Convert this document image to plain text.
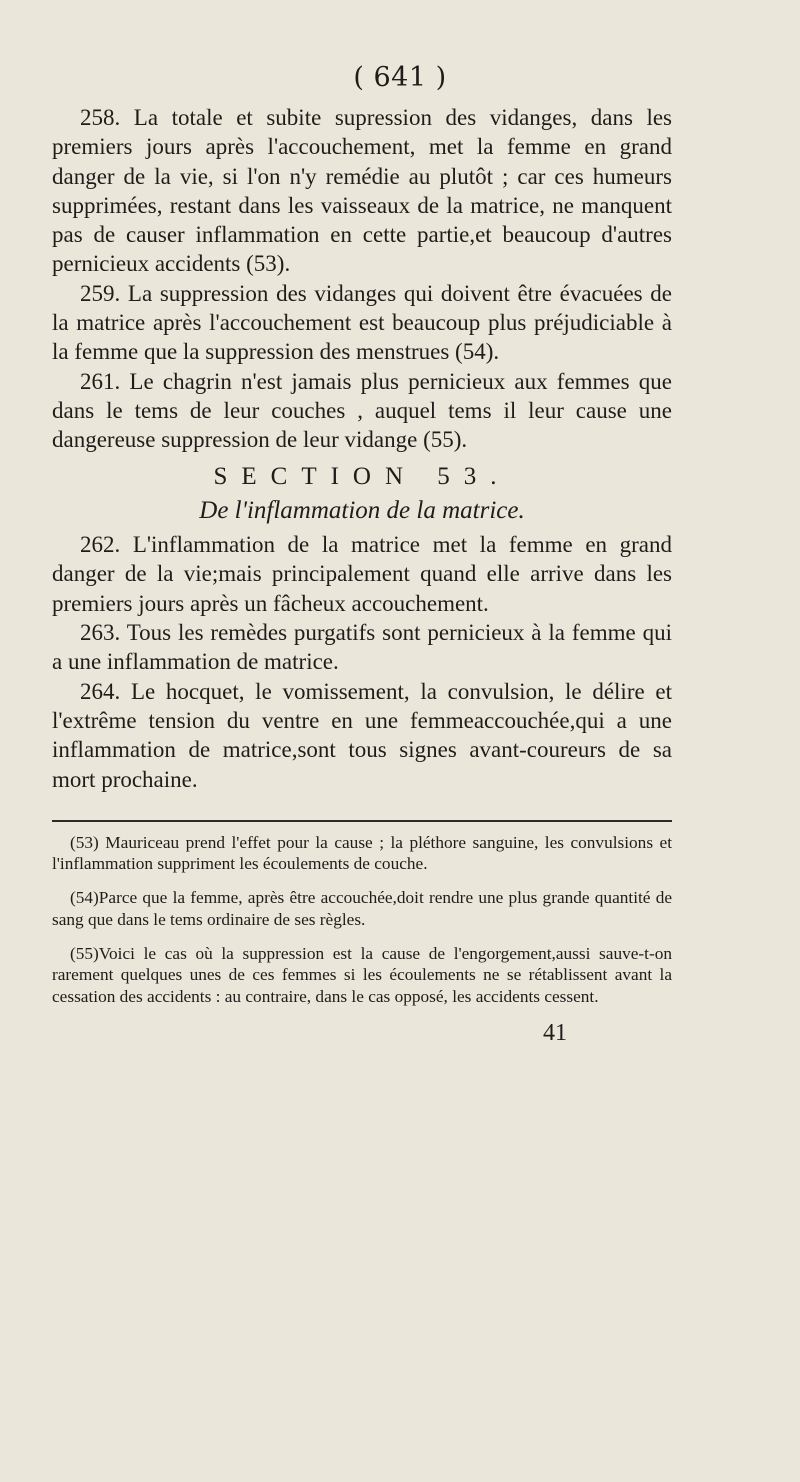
( 641 )

258. La totale et subite supression des vidanges, dans les premiers jours après l'accouchement, met la femme en grand danger de la vie, si l'on n'y remédie au plutôt ; car ces humeurs supprimées, restant dans les vaisseaux de la matrice, ne manquent pas de causer inflammation en cette partie,et beaucoup d'autres pernicieux accidents (53).

259. La suppression des vidanges qui doivent être évacuées de la matrice après l'accouchement est beaucoup plus préjudiciable à la femme que la suppression des menstrues (54).

261. Le chagrin n'est jamais plus pernicieux aux femmes que dans le tems de leur couches , auquel tems il leur cause une dangereuse suppression de leur vidange (55).

SECTION 53.
De l'inflammation de la matrice.

262. L'inflammation de la matrice met la femme en grand danger de la vie;mais principalement quand elle arrive dans les premiers jours après un fâcheux accouchement.

263. Tous les remèdes purgatifs sont pernicieux à la femme qui a une inflammation de matrice.

264. Le hocquet, le vomissement, la convulsion, le délire et l'extrême tension du ventre en une femmeaccouchée,qui a une inflammation de matrice,sont tous signes avant-coureurs de sa mort prochaine.

(53) Mauriceau prend l'effet pour la cause ; la pléthore sanguine, les convulsions et l'inflammation suppriment les écoulements de couche.

(54)Parce que la femme, après être accouchée,doit rendre une plus grande quantité de sang que dans le tems ordinaire de ses règles.

(55)Voici le cas où la suppression est la cause de l'engorgement,aussi sauve-t-on rarement quelques unes de ces femmes si les écoulements ne se rétablissent avant la cessation des accidents : au contraire, dans le cas opposé, les accidents cessent.

41
